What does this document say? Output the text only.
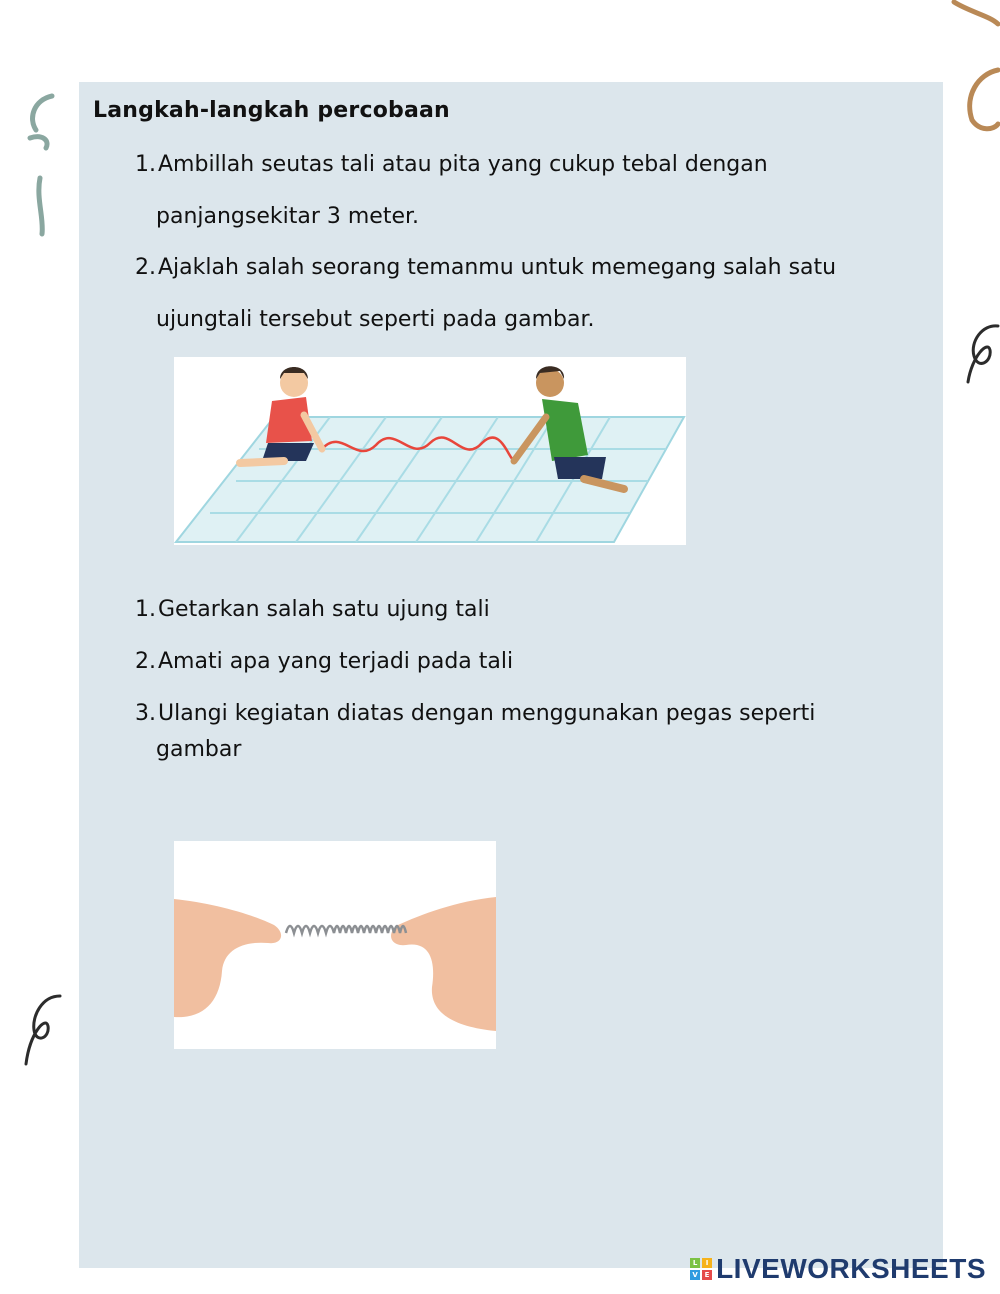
Langkah-langkah percobaan
1.Ambillah seutas tali atau pita yang cukup tebal dengan
panjangsekitar 3 meter.
2.Ajaklah salah seorang temanmu untuk memegang salah satu
ujungtali tersebut seperti pada gambar.
1.Getarkan salah satu ujung tali
2.Amati apa yang terjadi pada tali
3.Ulangi kegiatan diatas dengan menggunakan pegas seperti
gambar
L	I
V E LIVEWORKSHEETS
